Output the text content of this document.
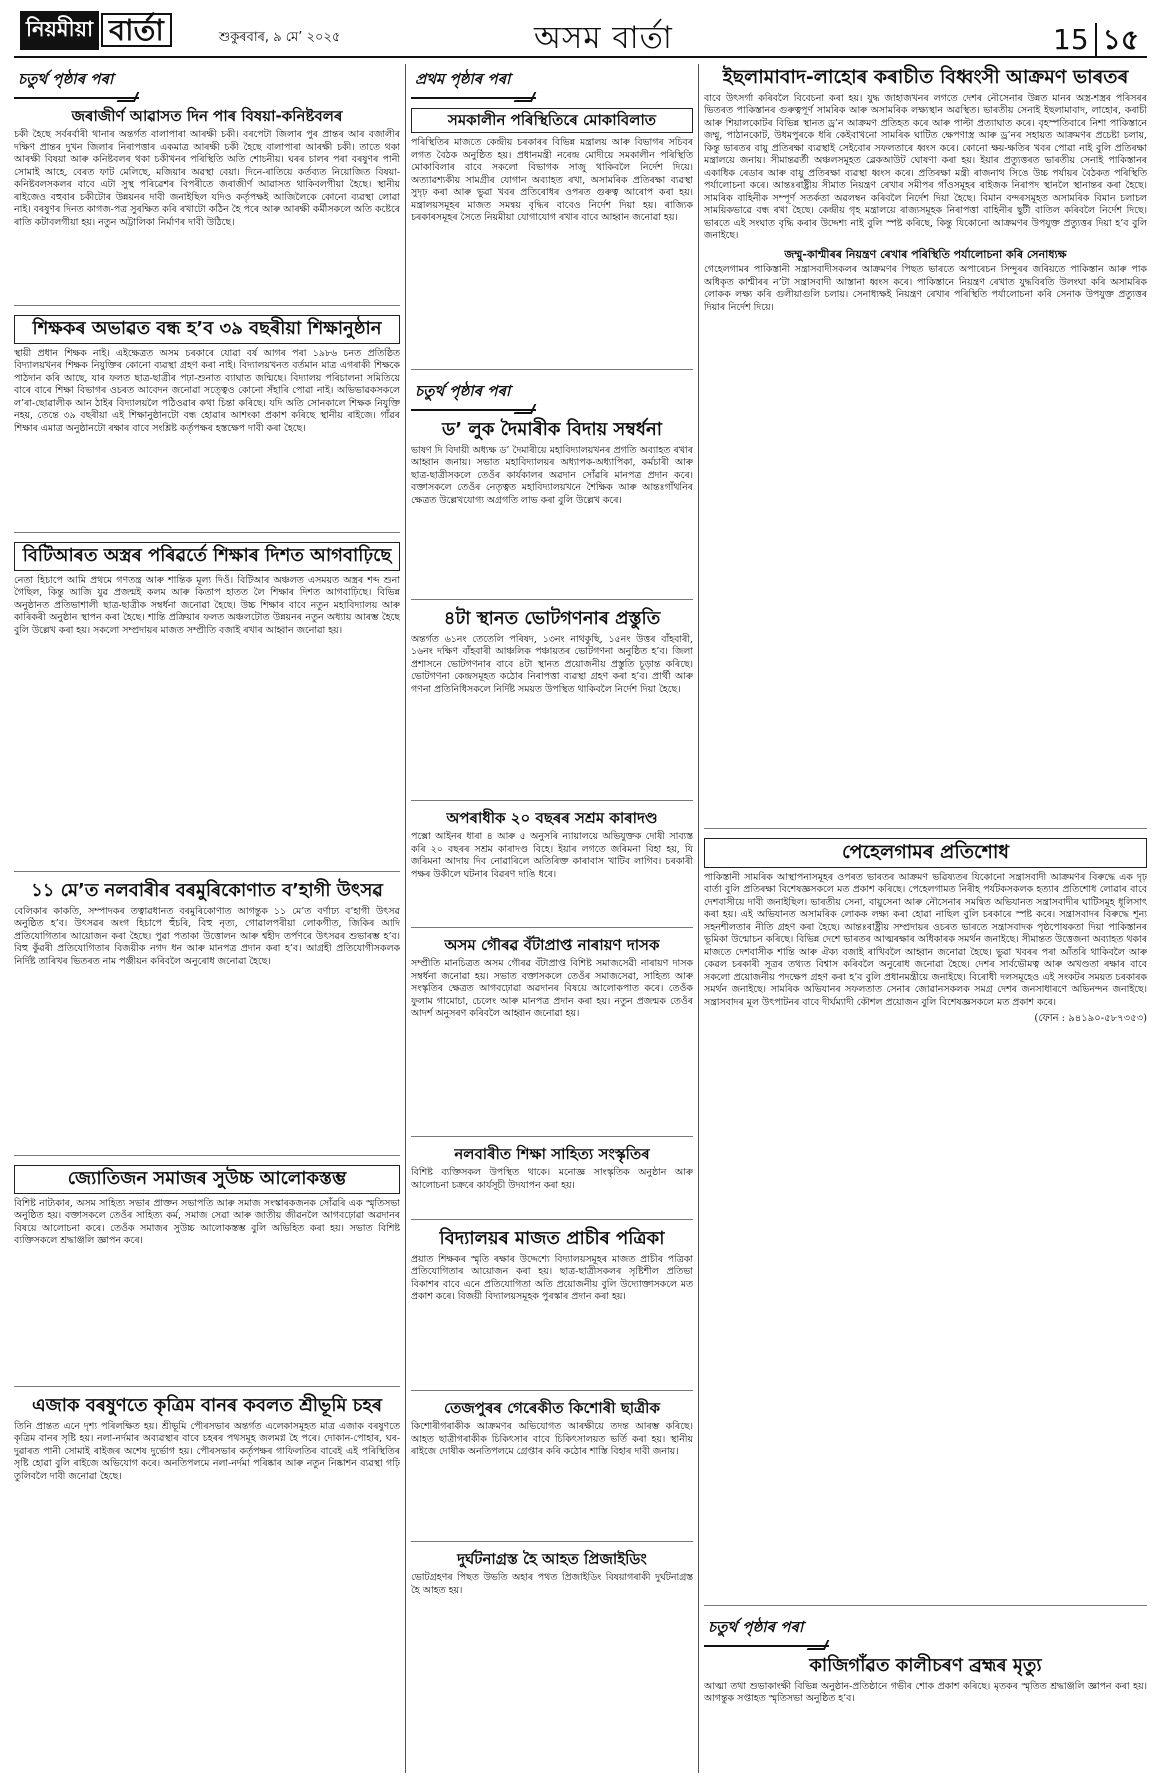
নিয়মীয়া বাৰ্তা	শুকুৰবাৰ, ৯ মে’ ২০২৫	অসম বাৰ্তা	15 ১৫
চতুৰ্থ পৃষ্ঠাৰ পৰা
জৰাজীৰ্ণ আৱাসত দিন পাৰ বিষয়া-কনিষ্টবলৰ

চকী হৈছে সৰ্বৰৰ্বাৰী থানাৰ অন্তৰ্গত বালাপাৰা আৰক্ষী চকী। বৰপেটা জিলাৰ পুৰ প্ৰান্তৰ আৰ বজালীৰ দক্ষিণ প্ৰান্তৰ দুখন জিলাৰ নিৰাপত্তাৰ একমাত্ৰ আৰক্ষী চকী হৈছে বালাপাৰা আৰক্ষী চকী। তাতে থকা আৰক্ষী বিষয়া আৰু কনিষ্টবলৰ থকা চকীখনৰ পৰিস্থিতি অতি শোচনীয়। ঘৰৰ চালৰ পৰা বৰষুণৰ পানী সোমাই আহে, বেৰত ফাট মেলিছে, মজিয়াৰ অৱস্থা বেয়া। দিনে-ৰাতিয়ে কৰ্তব্যত নিয়োজিত বিষয়া-কনিষ্টবলসকলৰ বাবে এটা সুস্থ পৰিৱেশৰ বিপৰীতে জৰাজীৰ্ণ আৱাসত থাকিবলগীয়া হৈছে। স্থানীয় ৰাইজেও বহুবাৰ চকীটোৰ উন্নয়নৰ দাবী জনাইছিল যদিও কৰ্তৃপক্ষই আজিলৈকে কোনো ব্যৱস্থা লোৱা নাই। বৰষুণৰ দিনত কাগজ-পত্ৰ সুৰক্ষিত কৰি ৰখাটো কঠিন হৈ পৰে আৰু আৰক্ষী কৰ্মীসকলে অতি কষ্টেৰে ৰাতি কটাবলগীয়া হয়। নতুন অট্টালিকা নিৰ্মাণৰ দাবী উঠিছে।

শিক্ষকৰ অভাৱত বন্ধ হ’ব ৩৯ বছৰীয়া শিক্ষানুষ্ঠান

স্থায়ী প্ৰধান শিক্ষক নাই। এইক্ষেত্ৰত অসম চৰকাৰে যোৱা বৰ্ষ আগৰ পৰা ১৯৮৬ চনত প্ৰতিষ্ঠিত বিদ্যালয়খনৰ শিক্ষক নিযুক্তিৰ কোনো ব্যৱস্থা গ্ৰহণ কৰা নাই। বিদ্যালয়খনত বৰ্তমান মাত্ৰ এগৰাকী শিক্ষকে পাঠদান কৰি আছে, যাৰ ফলত ছাত্ৰ-ছাত্ৰীৰ পঢ়া-শুনাত ব্যাঘাত জন্মিছে। বিদ্যালয় পৰিচালনা সমিতিয়ে বাৰে বাৰে শিক্ষা বিভাগৰ ওচৰত আবেদন জনোৱা সত্ত্বেও কোনো সঁহাৰি পোৱা নাই। অভিভাৱকসকলে ল’ৰা-ছোৱালীক আন ঠাইৰ বিদ্যালয়লৈ পঠিওৱাৰ কথা চিন্তা কৰিছে। যদি অতি সোনকালে শিক্ষক নিযুক্তি নহয়, তেন্তে ৩৯ বছৰীয়া এই শিক্ষানুষ্ঠানটো বন্ধ হোৱাৰ আশংকা প্ৰকাশ কৰিছে স্থানীয় ৰাইজে। গাঁৱৰ শিক্ষাৰ এমাত্ৰ অনুষ্ঠানটো ৰক্ষাৰ বাবে সংশ্লিষ্ট কৰ্তৃপক্ষৰ হস্তক্ষেপ দাবী কৰা হৈছে।

বিটিআৰত অস্ত্ৰৰ পৰিৱৰ্তে শিক্ষাৰ দিশত আগবাঢ়িছে

নেতা হিচাপে আমি প্ৰথমে গণতন্ত্ৰ আৰু শান্তিক মূল্য দিওঁ। বিটিআৰ অঞ্চলত এসময়ত অস্ত্ৰৰ শব্দ শুনা গৈছিল, কিন্তু আজি যুৱ প্ৰজন্মই কলম আৰু কিতাপ হাতত লৈ শিক্ষাৰ দিশত আগবাঢ়িছে। বিভিন্ন অনুষ্ঠানত প্ৰতিভাশালী ছাত্ৰ-ছাত্ৰীক সম্বৰ্ধনা জনোৱা হৈছে। উচ্চ শিক্ষাৰ বাবে নতুন মহাবিদ্যালয় আৰু কাৰিকৰী অনুষ্ঠান স্থাপন কৰা হৈছে। শান্তি প্ৰক্ৰিয়াৰ ফলত অঞ্চলটোত উন্নয়নৰ নতুন অধ্যায় আৰম্ভ হৈছে বুলি উল্লেখ কৰা হয়। সকলো সম্প্ৰদায়ৰ মাজত সম্প্ৰীতি বজাই ৰখাৰ আহ্বান জনোৱা হয়।

১১ মে’ত নলবাৰীৰ বৰমুৰিকোণাত ব’হাগী উৎসৱ

বেলিকাৰ কাকতি, সম্পাদকৰ তত্বাৱধানত বৰমুৰিকোণাত আগন্তুক ১১ মে’ত বৰ্ণাঢ্য ব’হাগী উৎসৱ অনুষ্ঠিত হ’ব। উৎসৱৰ অংগ হিচাপে হুঁচৰি, বিহু নৃত্য, গোৱালপৰীয়া লোকগীত, জিকিৰ আদি প্ৰতিযোগিতাৰ আয়োজন কৰা হৈছে। পুৱা পতাকা উত্তোলন আৰু শ্বহীদ তৰ্পণৰে উৎসৱৰ শুভাৰম্ভ হ’ব। বিহু কুঁৱৰী প্ৰতিযোগিতাৰ বিজয়ীক নগদ ধন আৰু মানপত্ৰ প্ৰদান কৰা হ’ব। আগ্ৰহী প্ৰতিযোগীসকলক নিৰ্দিষ্ট তাৰিখৰ ভিতৰত নাম পঞ্জীয়ন কৰিবলৈ অনুৰোধ জনোৱা হৈছে।

জ্যোতিজন সমাজৰ সুউচ্চ আলোকস্তম্ভ

বিশিষ্ট নাট্যকাৰ, অসম সাহিত্য সভাৰ প্ৰাক্তন সভাপতি আৰু সমাজ সংস্কাৰকজনক সোঁৱৰি এক স্মৃতিসভা অনুষ্ঠিত হয়। বক্তাসকলে তেওঁৰ সাহিত্য কৰ্ম, সমাজ সেৱা আৰু জাতীয় জীৱনলৈ আগবঢ়োৱা অৱদানৰ বিষয়ে আলোচনা কৰে। তেওঁক সমাজৰ সুউচ্চ আলোকস্তম্ভ বুলি অভিহিত কৰা হয়। সভাত বিশিষ্ট ব্যক্তিসকলে শ্ৰদ্ধাঞ্জলি জ্ঞাপন কৰে।

এজাক বৰষুণতে কৃত্ৰিম বানৰ কবলত শ্ৰীভূমি চহৰ

তিনি প্ৰান্তত এনে দৃশ্য পৰিলক্ষিত হয়। শ্ৰীভূমি পৌৰসভাৰ অন্তৰ্গত এলেকাসমূহত মাত্ৰ এজাক বৰষুণতে কৃত্ৰিম বানৰ সৃষ্টি হয়। নলা-নৰ্দমাৰ অব্যৱস্থাৰ বাবে চহৰৰ পথসমূহ জলমগ্ন হৈ পৰে। দোকান-পোহাৰ, ঘৰ-দুৱাৰত পানী সোমাই ৰাইজৰ অশেষ দুৰ্ভোগ হয়। পৌৰসভাৰ কৰ্তৃপক্ষৰ গাফিলতিৰ বাবেই এই পৰিস্থিতিৰ সৃষ্টি হোৱা বুলি ৰাইজে অভিযোগ কৰে। অনতিপলমে নলা-নৰ্দমা পৰিষ্কাৰ আৰু নতুন নিষ্কাশন ব্যৱস্থা গঢ়ি তুলিবলৈ দাবী জনোৱা হৈছে।

প্ৰথম পৃষ্ঠাৰ পৰা
সমকালীন পৰিস্থিতিৰে মোকাবিলাত

পৰিস্থিতিৰ মাজতে কেন্দ্ৰীয় চৰকাৰৰ বিভিন্ন মন্ত্ৰালয় আৰু বিভাগৰ সচিবৰ লগত বৈঠক অনুষ্ঠিত হয়। প্ৰধানমন্ত্ৰী নৰেন্দ্ৰ মোদীয়ে সমকালীন পৰিস্থিতি মোকাবিলাৰ বাবে সকলো বিভাগক সাজু থাকিবলৈ নিৰ্দেশ দিয়ে। অত্যাৱশ্যকীয় সামগ্ৰীৰ যোগান অব্যাহত ৰখা, অসামৰিক প্ৰতিৰক্ষা ব্যৱস্থা সুদৃঢ় কৰা আৰু ভুৱা খবৰ প্ৰতিৰোধৰ ওপৰত গুৰুত্ব আৰোপ কৰা হয়। মন্ত্ৰালয়সমূহৰ মাজত সমন্বয় বৃদ্ধিৰ বাবেও নিৰ্দেশ দিয়া হয়। ৰাজ্যিক চৰকাৰসমূহৰ সৈতে নিয়মীয়া যোগাযোগ ৰখাৰ বাবে আহ্বান জনোৱা হয়।

চতুৰ্থ পৃষ্ঠাৰ পৰা
ড’ লুক দৈমাৰীক বিদায় সম্বৰ্ধনা

ভাষণ দি বিদায়ী অধ্যক্ষ ড’ দৈমাৰীয়ে মহাবিদ্যালয়খনৰ প্ৰগতি অব্যাহত ৰখাৰ আহ্বান জনায়। সভাত মহাবিদ্যালয়ৰ অধ্যাপক-অধ্যাপিকা, কৰ্মচাৰী আৰু ছাত্ৰ-ছাত্ৰীসকলে তেওঁৰ কাৰ্যকালৰ অৱদান সোঁৱৰি মানপত্ৰ প্ৰদান কৰে। বক্তাসকলে তেওঁৰ নেতৃত্বত মহাবিদ্যালয়খনে শৈক্ষিক আৰু আন্তঃগাঁথনিৰ ক্ষেত্ৰত উল্লেখযোগ্য অগ্ৰগতি লাভ কৰা বুলি উল্লেখ কৰে।

৪টা স্থানত ভোটগণনাৰ প্ৰস্তুতি

অন্তৰ্গত ৬১নং তেতেলি পৰিষদ, ১৩নং নাথকুছি, ১৫নং উত্তৰ বাঁহবাৰী, ১৬নং দক্ষিণ বাঁহবাৰী আঞ্চলিক পঞ্চায়তৰ ভোটগণনা অনুষ্ঠিত হ’ব। জিলা প্ৰশাসনে ভোটগণনাৰ বাবে ৪টা স্থানত প্ৰয়োজনীয় প্ৰস্তুতি চূড়ান্ত কৰিছে। ভোটগণনা কেন্দ্ৰসমূহত কঠোৰ নিৰাপত্তা ব্যৱস্থা গ্ৰহণ কৰা হ’ব। প্ৰাৰ্থী আৰু গণনা প্ৰতিনিধিসকলে নিৰ্দিষ্ট সময়ত উপস্থিত থাকিবলৈ নিৰ্দেশ দিয়া হৈছে।

অপৰাধীক ২০ বছৰৰ সশ্ৰম কাৰাদণ্ড

পক্সো আইনৰ ধাৰা ৪ আৰু ৫ অনুসৰি ন্যায়ালয়ে অভিযুক্তক দোষী সাব্যস্ত কৰি ২০ বছৰৰ সশ্ৰম কাৰাদণ্ড বিহে। ইয়াৰ লগতে জৰিমনা বিহা হয়, যি জৰিমনা আদায় দিব নোৱাৰিলে অতিৰিক্ত কাৰাবাস খাটিব লাগিব। চৰকাৰী পক্ষৰ উকীলে ঘটনাৰ বিৱৰণ দাঙি ধৰে।

অসম গৌৰৱ বঁটাপ্ৰাপ্ত নাৰায়ণ দাসক

সম্প্ৰীতি মানচিত্ৰত অসম গৌৰৱ বঁটাপ্ৰাপ্ত বিশিষ্ট সমাজসেৱী নাৰায়ণ দাসক সম্বৰ্ধনা জনোৱা হয়। সভাত বক্তাসকলে তেওঁৰ সমাজসেৱা, সাহিত্য আৰু সংস্কৃতিৰ ক্ষেত্ৰত আগবঢ়োৱা অৱদানৰ বিষয়ে আলোকপাত কৰে। তেওঁক ফুলাম গামোচা, চেলেং আৰু মানপত্ৰ প্ৰদান কৰা হয়। নতুন প্ৰজন্মক তেওঁৰ আদৰ্শ অনুসৰণ কৰিবলৈ আহ্বান জনোৱা হয়।

নলবাৰীত শিক্ষা সাহিত্য সংস্কৃতিৰ

বিশিষ্ট ব্যক্তিসকল উপস্থিত থাকে। মনোজ্ঞ সাংস্কৃতিক অনুষ্ঠান আৰু আলোচনা চক্ৰৰে কাৰ্যসূচী উদযাপন কৰা হয়।

বিদ্যালয়ৰ মাজত প্ৰাচীৰ পত্ৰিকা

প্ৰয়াত শিক্ষকৰ স্মৃতি ৰক্ষাৰ উদ্দেশ্যে বিদ্যালয়সমূহৰ মাজত প্ৰাচীৰ পত্ৰিকা প্ৰতিযোগিতাৰ আয়োজন কৰা হয়। ছাত্ৰ-ছাত্ৰীসকলৰ সৃষ্টিশীল প্ৰতিভা বিকাশৰ বাবে এনে প্ৰতিযোগিতা অতি প্ৰয়োজনীয় বুলি উদ্যোক্তাসকলে মত প্ৰকাশ কৰে। বিজয়ী বিদ্যালয়সমূহক পুৰস্কাৰ প্ৰদান কৰা হয়।

তেজপুৰৰ গেৰেকীত কিশোৰী ছাত্ৰীক

কিশোৰীগৰাকীক আক্ৰমণৰ অভিযোগত আৰক্ষীয়ে তদন্ত আৰম্ভ কৰিছে। আহত ছাত্ৰীগৰাকীক চিকিৎসাৰ বাবে চিকিৎসালয়ত ভৰ্তি কৰা হয়। স্থানীয় ৰাইজে দোষীক অনতিপলমে গ্ৰেপ্তাৰ কৰি কঠোৰ শাস্তি বিহাৰ দাবী জনায়।

দুৰ্ঘটনাগ্ৰস্ত হৈ আহত প্ৰিজাইডিং

ভোটগ্ৰহণৰ পিছত উভতি অহাৰ পথত প্ৰিজাইডিং বিষয়াগৰাকী দুৰ্ঘটনাগ্ৰস্ত হৈ আহত হয়।

ইছলামাবাদ-লাহোৰ কৰাচীত বিধ্বংসী আক্ৰমণ ভাৰতৰ

বাবে উৎসৰ্গা কৰিবলৈ বিবেচনা কৰা হয়। যুদ্ধ জাহাজখনৰ লগতে দেশৰ নৌসেনাৰ উন্নত মানৰ অস্ত্ৰ-শস্ত্ৰৰ পৰিসৰৰ ভিতৰত পাকিস্তানৰ গুৰুত্বপূৰ্ণ সামৰিক আৰু অসামৰিক লক্ষ্যস্থান অৱস্থিত। ভাৰতীয় সেনাই ইছলামাবাদ, লাহোৰ, কৰাচী আৰু শিয়ালকোটৰ বিভিন্ন স্থানত ড্ৰ’ন আক্ৰমণ প্ৰতিহত কৰে আৰু পাল্টা প্ৰত্যাঘাত কৰে। বৃহস্পতিবাৰে নিশা পাকিস্তানে জম্মু, পাঠানকোট, উধমপুৰকে ধৰি কেইবাখনো সামৰিক ঘাটিত ক্ষেপণাস্ত্ৰ আৰু ড্ৰ’নৰ সহায়ত আক্ৰমণৰ প্ৰচেষ্টা চলায়, কিন্তু ভাৰতৰ বায়ু প্ৰতিৰক্ষা ব্যৱস্থাই সেইবোৰ সফলতাৰে ধ্বংস কৰে। কোনো ক্ষয়-ক্ষতিৰ খবৰ পোৱা নাই বুলি প্ৰতিৰক্ষা মন্ত্ৰালয়ে জনায়। সীমান্তৱৰ্তী অঞ্চলসমূহত ব্লেকআউট ঘোষণা কৰা হয়। ইয়াৰ প্ৰত্যুত্তৰত ভাৰতীয় সেনাই পাকিস্তানৰ একাধিক ৰেডাৰ আৰু বায়ু প্ৰতিৰক্ষা ব্যৱস্থা ধ্বংস কৰে। প্ৰতিৰক্ষা মন্ত্ৰী ৰাজনাথ সিঙে উচ্চ পৰ্যায়ৰ বৈঠকত পৰিস্থিতি পৰ্যালোচনা কৰে। আন্তঃৰাষ্ট্ৰীয় সীমাত নিয়ন্ত্ৰণ ৰেখাৰ সমীপৰ গাঁওসমূহৰ ৰাইজক নিৰাপদ স্থানলৈ স্থানান্তৰ কৰা হৈছে। সামৰিক বাহিনীক সম্পূৰ্ণ সতৰ্কতা অৱলম্বন কৰিবলৈ নিৰ্দেশ দিয়া হৈছে। বিমান বন্দৰসমূহত অসামৰিক বিমান চলাচল সাময়িকভাৱে বন্ধ ৰখা হৈছে। কেন্দ্ৰীয় গৃহ মন্ত্ৰালয়ে ৰাজ্যসমূহক নিৰাপত্তা বাহিনীৰ ছুটী বাতিল কৰিবলৈ নিৰ্দেশ দিছে। ভাৰতে এই সংঘাত বৃদ্ধি কৰাৰ উদ্দেশ্য নাই বুলি স্পষ্ট কৰিছে, কিন্তু যিকোনো আক্ৰমণৰ উপযুক্ত প্ৰত্যুত্তৰ দিয়া হ’ব বুলি জনাইছে।

জম্মু-কাশ্মীৰৰ নিয়ন্ত্ৰণ ৰেখাৰ পৰিস্থিতি পৰ্যালোচনা কৰি সেনাধ্যক্ষ

গেহেলগামৰ পাকিস্তানী সন্ত্ৰাসবাদীসকলৰ আক্ৰমণৰ পিছত ভাৰতে অপাৰেচন সিন্দুৰৰ জৰিয়তে পাকিস্তান আৰু পাক অধিকৃত কাশ্মীৰৰ ন’টা সন্ত্ৰাসবাদী আস্তানা ধ্বংস কৰে। পাকিস্তানে নিয়ন্ত্ৰণ ৰেখাত যুদ্ধবিৰতি উলংঘা কৰি অসামৰিক লোকক লক্ষ্য কৰি গুলীয়াগুলি চলায়। সেনাধ্যক্ষই নিয়ন্ত্ৰণ ৰেখাৰ পৰিস্থিতি পৰ্যালোচনা কৰি সেনাক উপযুক্ত প্ৰত্যুত্তৰ দিয়াৰ নিৰ্দেশ দিয়ে।

পেহেলগামৰ প্ৰতিশোধ

পাকিস্তানী সামৰিক আস্থাপনাসমূহৰ ওপৰত ভাৰতৰ আক্ৰমণ ভৱিষ্যতৰ যিকোনো সন্ত্ৰাসবাদী আক্ৰমণৰ বিৰুদ্ধে এক দৃঢ় বাৰ্তা বুলি প্ৰতিৰক্ষা বিশেষজ্ঞসকলে মত প্ৰকাশ কৰিছে। পেহেলগামত নিৰীহ পৰ্যটকসকলক হত্যাৰ প্ৰতিশোধ লোৱাৰ বাবে দেশবাসীয়ে দাবী জনাইছিল। ভাৰতীয় সেনা, বায়ুসেনা আৰু নৌসেনাৰ সমন্বিত অভিযানত সন্ত্ৰাসবাদীৰ ঘাটিসমূহ ধূলিসাৎ কৰা হয়। এই অভিযানত অসামৰিক লোকক লক্ষ্য কৰা হোৱা নাছিল বুলি চৰকাৰে স্পষ্ট কৰে। সন্ত্ৰাসবাদৰ বিৰুদ্ধে শূন্য সহনশীলতাৰ নীতি গ্ৰহণ কৰা হৈছে। আন্তঃৰাষ্ট্ৰীয় সম্প্ৰদায়ৰ ওচৰত ভাৰতে সন্ত্ৰাসবাদক পৃষ্ঠপোষকতা দিয়া পাকিস্তানৰ ভূমিকা উন্মোচন কৰিছে। বিভিন্ন দেশে ভাৰতৰ আত্মৰক্ষাৰ অধিকাৰক সমৰ্থন জনাইছে। সীমান্তত উত্তেজনা অব্যাহত থকাৰ মাজতে দেশবাসীক শান্তি আৰু ঐক্য বজাই ৰাখিবলৈ আহ্বান জনোৱা হৈছে। ভুৱা খবৰৰ পৰা আঁতৰি থাকিবলৈ আৰু কেৱল চৰকাৰী সূত্ৰৰ তথ্যত বিশ্বাস কৰিবলৈ অনুৰোধ জনোৱা হৈছে। দেশৰ সাৰ্বভৌমত্ব আৰু অখণ্ডতা ৰক্ষাৰ বাবে সকলো প্ৰয়োজনীয় পদক্ষেপ গ্ৰহণ কৰা হ’ব বুলি প্ৰধানমন্ত্ৰীয়ে জনাইছে। বিৰোধী দলসমূহেও এই সংকটৰ সময়ত চৰকাৰক সমৰ্থন জনাইছে। সামৰিক অভিযানৰ সফলতাত সেনাৰ জোৱানসকলক সমগ্ৰ দেশৰ জনসাধাৰণে অভিনন্দন জনাইছে। সন্ত্ৰাসবাদৰ মূল উৎপাটনৰ বাবে দীৰ্ঘম্যাদী কৌশল প্ৰয়োজন বুলি বিশেষজ্ঞসকলে মত প্ৰকাশ কৰে।

(ফোন : ৯৪১৯০-৫৮৭৩৫৩)
চতুৰ্থ পৃষ্ঠাৰ পৰা
কাজিগাঁৱত কালীচৰণ ব্ৰহ্মৰ মৃত্যু

আত্মা তথা শুভাকাংক্ষী বিভিন্ন অনুষ্ঠান-প্ৰতিষ্ঠানে গভীৰ শোক প্ৰকাশ কৰিছে। মৃতকৰ স্মৃতিত শ্ৰদ্ধাঞ্জলি জ্ঞাপন কৰা হয়। আগন্তুক সপ্তাহত স্মৃতিসভা অনুষ্ঠিত হ’ব।
